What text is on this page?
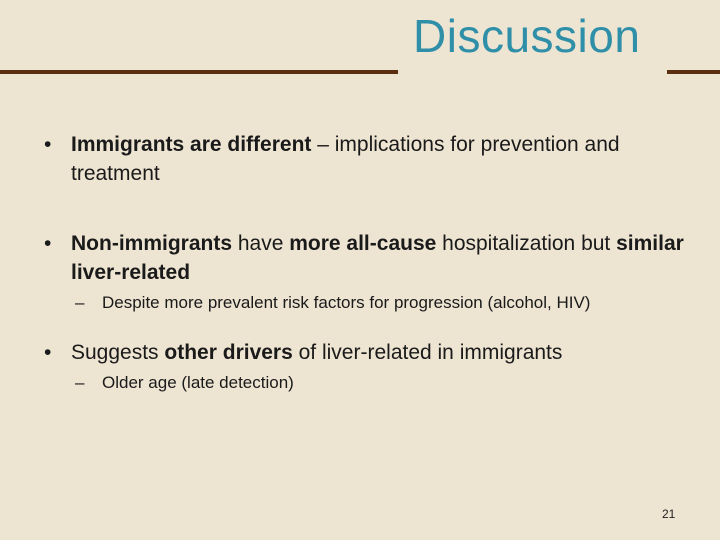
Discussion
• Immigrants are different – implications for prevention and treatment
• Non-immigrants have more all-cause hospitalization but similar liver-related
– Despite more prevalent risk factors for progression (alcohol, HIV)
• Suggests other drivers of liver-related in immigrants
– Older age (late detection)
21
